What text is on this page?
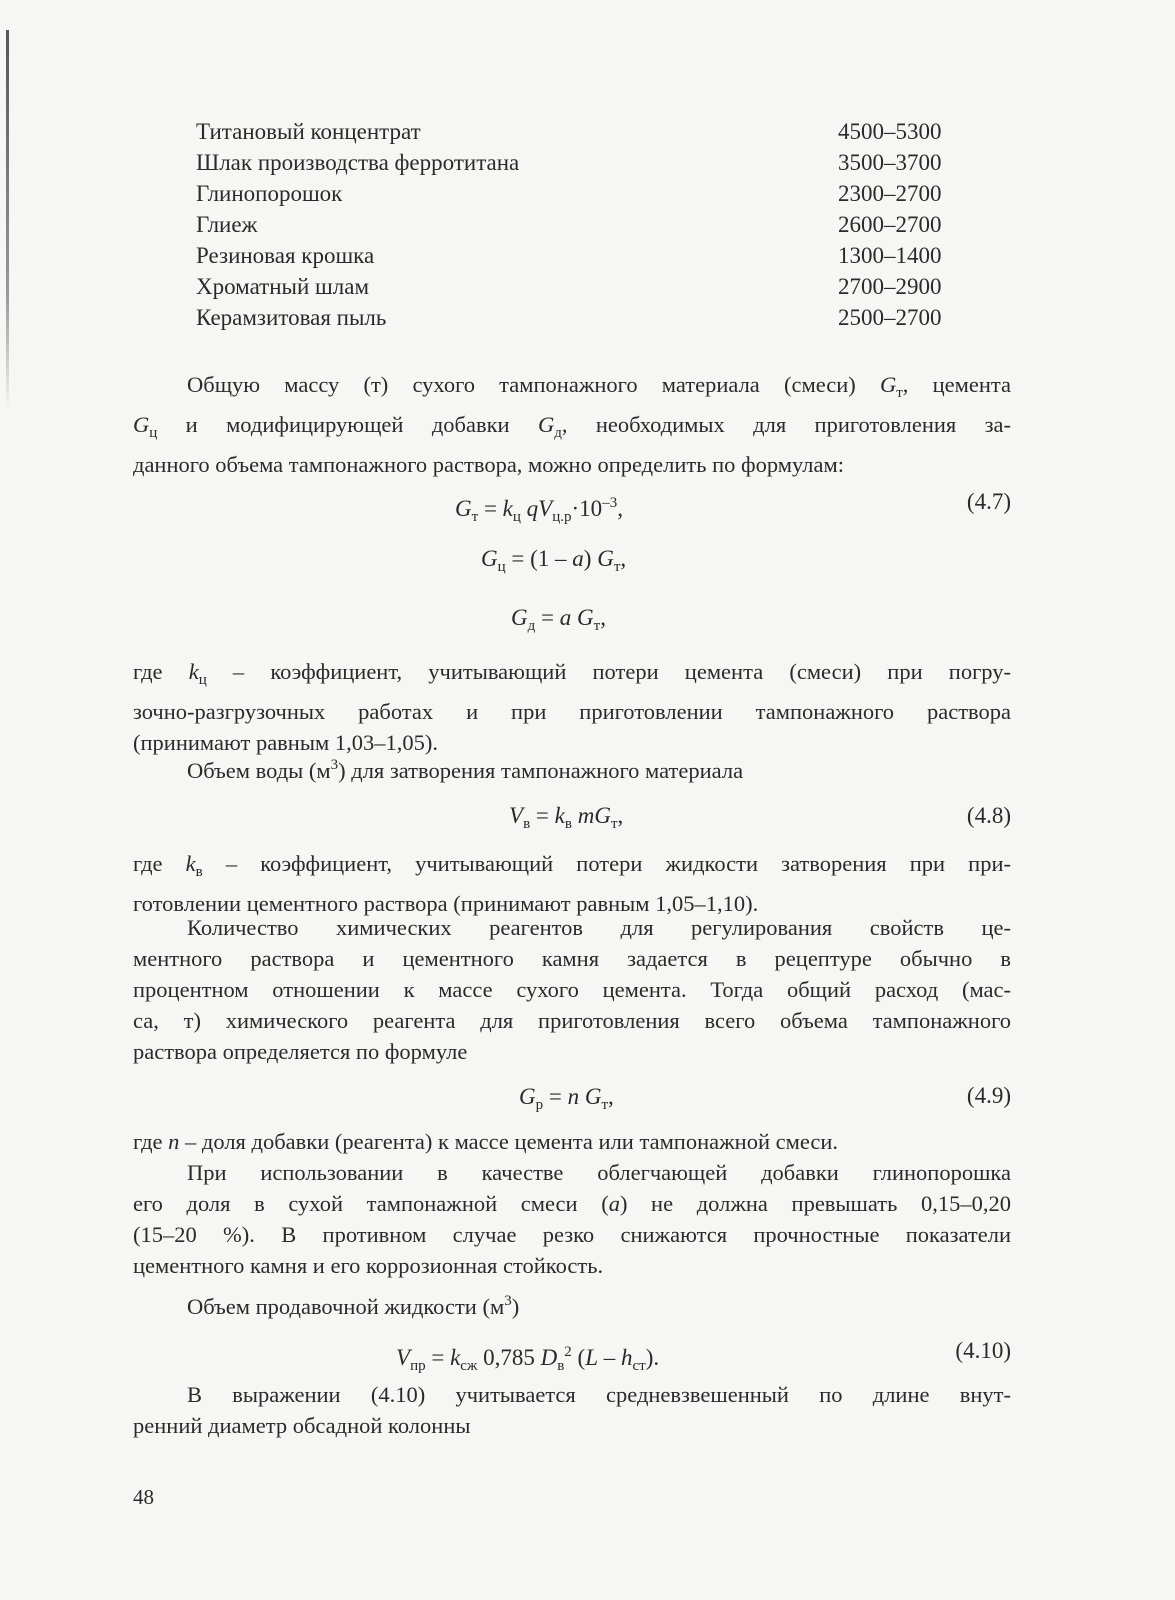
Титановый концентрат	4500–5300
Шлак производства ферротитана	3500–3700
Глинопорошок	2300–2700
Глиеж	2600–2700
Резиновая крошка	1300–1400
Хроматный шлам	2700–2900
Керамзитовая пыль	2500–2700

Общую массу (т) сухого тампонажного материала (смеси) $G_т$, цемента

$G_ц$ и модифицирующей добавки $G_д$, необходимых для приготовления за-

данного объема тампонажного раствора, можно определить по формулам:

$G_т = k_ц$ $qV_{ц.р}\cdot 10^{-3}$,	(4.7)
$G_ц = (1 - a)$ $G_т$,
$G_д = a$ $G_т$,

где $k_ц$ – коэффициент, учитывающий потери цемента (смеси) при погру-

зочно-разгрузочных работах и при приготовлении тампонажного раствора

(принимают равным 1,03–1,05).

Объем воды $(м^3)$ для затворения тампонажного материала

$V_в = k_в$ $mG_т$,	(4.8)

где $k_в$ – коэффициент, учитывающий потери жидкости затворения при при-

готовлении цементного раствора (принимают равным 1,05–1,10).

Количество химических реагентов для регулирования свойств це-

ментного раствора и цементного камня задается в рецептуре обычно в

процентном отношении к массе сухого цемента. Тогда общий расход (мас-

са, т) химического реагента для приготовления всего объема тампонажного

раствора определяется по формуле

$G_р = n$ $G_т$,	(4.9)

где n – доля добавки (реагента) к массе цемента или тампонажной смеси.

При использовании в качестве облегчающей добавки глинопорошка

его доля в сухой тампонажной смеси (a) не должна превышать 0,15–0,20

(15–20 %). В противном случае резко снижаются прочностные показатели

цементного камня и его коррозионная стойкость.

Объем продавочной жидкости $(м^3)$

$V_{пр} = k_{сж}$ 0,785 $D_в^2$ $(L - h_{ст})$.	(4.10)

В выражении (4.10) учитывается средневзвешенный по длине внут-

ренний диаметр обсадной колонны

48
